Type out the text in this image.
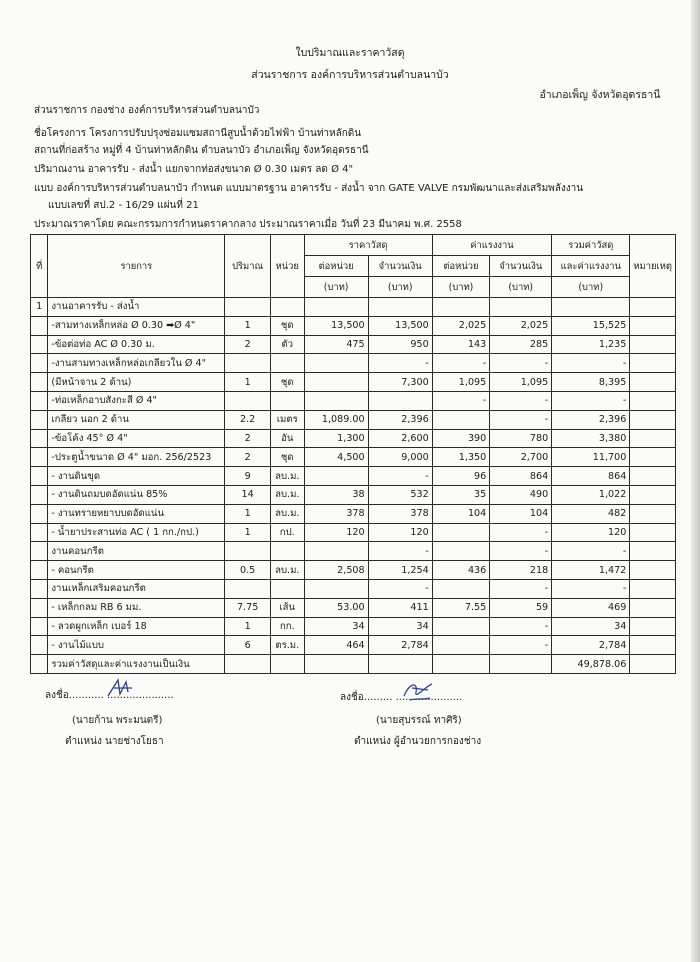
ใบปริมาณและราคาวัสดุ
ส่วนราชการ องค์การบริหารส่วนตำบลนาบัว
อำเภอเพ็ญ จังหวัดอุดรธานี
ส่วนราชการ กองช่าง องค์การบริหารส่วนตำบลนาบัว
ชื่อโครงการ โครงการปรับปรุงซ่อมแซมสถานีสูบน้ำด้วยไฟฟ้า บ้านท่าหลักดิน
สถานที่ก่อสร้าง หมู่ที่ 4 บ้านท่าหลักดิน ตำบลนาบัว อำเภอเพ็ญ จังหวัดอุดรธานี
ปริมาณงาน อาคารรับ - ส่งน้ำ แยกจากท่อส่งขนาด Ø 0.30 เมตร ลด Ø 4"
แบบ องค์การบริหารส่วนตำบลนาบัว กำหนด แบบมาตรฐาน อาคารรับ - ส่งน้ำ จาก GATE VALVE กรมพัฒนาและส่งเสริมพลังงาน
แบบเลขที่ สป.2 - 16/29 แผ่นที่ 21
ประมาณราคาโดย คณะกรรมการกำหนดราคากลาง ประมาณราคาเมื่อ วันที่ 23 มีนาคม พ.ศ. 2558
ที่	รายการ	ปริมาณ	หน่วย	ราคาวัสดุ		ค่าแรงงาน		รวมค่าวัสดุ	หมายเหตุ
				ต่อหน่วย	จำนวนเงิน	ต่อหน่วย	จำนวนเงิน	และค่าแรงงาน	
				(บาท)	(บาท)	(บาท)	(บาท)	(บาท)	
1	งานอาคารรับ - ส่งน้ำ								
	-สามทางเหล็กหล่อ Ø 0.30 ➡Ø 4"	1	ชุด	13,500	13,500	2,025	2,025	15,525	
	-ข้อต่อท่อ AC Ø 0.30 ม.	2	ตัว	475	950	143	285	1,235	
	-งานสามทางเหล็กหล่อเกลียวใน Ø 4"				-	-	-	-	
	(มีหน้าจาน 2 ด้าน)	1	ชุด		7,300	1,095	1,095	8,395	
	-ท่อเหล็กอาบสังกะสี Ø 4"					-	-	-	
	เกลียว นอก 2 ด้าน	2.2	เมตร	1,089.00	2,396		-	2,396	
	-ข้อโค้ง 45° Ø 4"	2	อัน	1,300	2,600	390	780	3,380	
	-ประตูน้ำขนาด Ø 4" มอก. 256/2523	2	ชุด	4,500	9,000	1,350	2,700	11,700	
	- งานดินขุด	9	ลบ.ม.		-	96	864	864	
	- งานดินถมบดอัดแน่น 85%	14	ลบ.ม.	38	532	35	490	1,022	
	- งานทรายหยาบบดอัดแน่น	1	ลบ.ม.	378	378	104	104	482	
	- น้ำยาประสานท่อ AC ( 1 กก./กป.)	1	กป.	120	120		-	120	
	งานคอนกรีต				-		-	-	
	- คอนกรีต	0.5	ลบ.ม.	2,508	1,254	436	218	1,472	
	งานเหล็กเสริมคอนกรีต				-		-	-	
	- เหล็กกลม RB 6 มม.	7.75	เส้น	53.00	411	7.55	59	469	
	- ลวดผูกเหล็ก เบอร์ 18	1	กก.	34	34		-	34	
	- งานไม้แบบ	6	ตร.ม.	464	2,784		-	2,784	
	รวมค่าวัสดุและค่าแรงงานเป็นเงิน							49,878.06	
ลงชื่อ........... .....................
(นายก้าน พระมนตรี)
ตำแหน่ง นายช่างโยธา
ลงชื่อ......... .....................
(นายสุบรรณ์ ทาศิริ)
ตำแหน่ง ผู้อำนวยการกองช่าง
